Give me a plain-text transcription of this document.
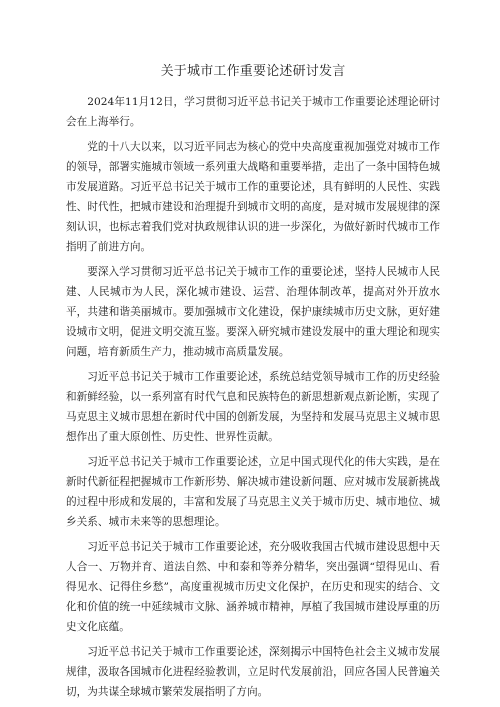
关于城市工作重要论述研讨发言

2024年11月12日，学习贯彻习近平总书记关于城市工作重要论述理论研讨会在上海举行。

党的十八大以来，以习近平同志为核心的党中央高度重视加强党对城市工作的领导，部署实施城市领域一系列重大战略和重要举措，走出了一条中国特色城市发展道路。习近平总书记关于城市工作的重要论述，具有鲜明的人民性、实践性、时代性，把城市建设和治理提升到城市文明的高度，是对城市发展规律的深刻认识，也标志着我们党对执政规律认识的进一步深化，为做好新时代城市工作指明了前进方向。

要深入学习贯彻习近平总书记关于城市工作的重要论述，坚持人民城市人民建、人民城市为人民，深化城市建设、运营、治理体制改革，提高对外开放水平，共建和谐美丽城市。要加强城市文化建设，保护康续城市历史文脉，更好建设城市文明，促进文明交流互鉴。要深入研究城市建设发展中的重大理论和现实问题，培育新质生产力，推动城市高质量发展。

习近平总书记关于城市工作重要论述，系统总结党领导城市工作的历史经验和新鲜经验，以一系列富有时代气息和民族特色的新思想新观点新论断，实现了马克思主义城市思想在新时代中国的创新发展，为坚持和发展马克思主义城市思想作出了重大原创性、历史性、世界性贡献。

习近平总书记关于城市工作重要论述，立足中国式现代化的伟大实践，是在新时代新征程把握城市工作新形势、解决城市建设新问题、应对城市发展新挑战的过程中形成和发展的，丰富和发展了马克思主义关于城市历史、城市地位、城乡关系、城市未来等的思想理论。

习近平总书记关于城市工作重要论述，充分吸收我国古代城市建设思想中天人合一、万物并育、道法自然、中和泰和等养分精华，突出强调“望得见山、看得见水、记得住乡愁”，高度重视城市历史文化保护，在历史和现实的结合、文化和价值的统一中延续城市文脉、涵养城市精神，厚植了我国城市建设厚重的历史文化底蕴。

习近平总书记关于城市工作重要论述，深刻揭示中国特色社会主义城市发展规律，汲取各国城市化进程经验教训，立足时代发展前沿，回应各国人民普遍关切，为共谋全球城市繁荣发展指明了方向。
